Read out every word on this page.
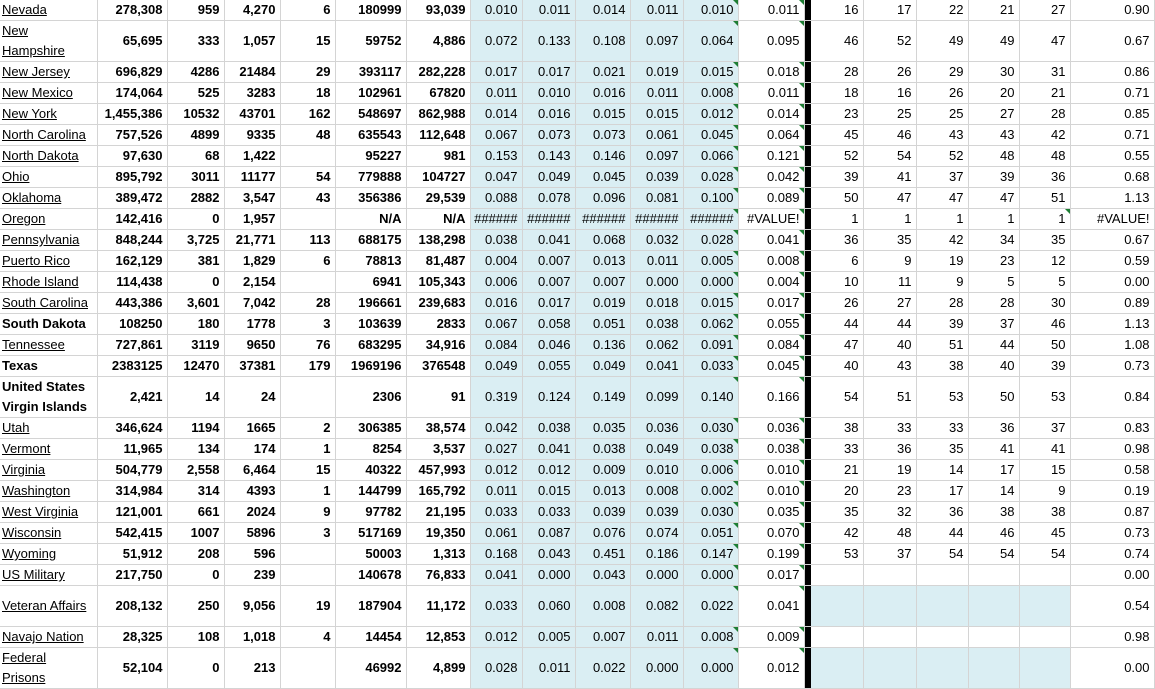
Nevada	278,308	959	4,270	6	180999	93,039	0.010	0.011	0.014	0.011	0.010	0.011		16	17	22	21	27	0.90
New Hampshire	65,695	333	1,057	15	59752	4,886	0.072	0.133	0.108	0.097	0.064	0.095		46	52	49	49	47	0.67
New Jersey	696,829	4286	21484	29	393117	282,228	0.017	0.017	0.021	0.019	0.015	0.018		28	26	29	30	31	0.86
New Mexico	174,064	525	3283	18	102961	67820	0.011	0.010	0.016	0.011	0.008	0.011		18	16	26	20	21	0.71
New York	1,455,386	10532	43701	162	548697	862,988	0.014	0.016	0.015	0.015	0.012	0.014		23	25	25	27	28	0.85
North Carolina	757,526	4899	9335	48	635543	112,648	0.067	0.073	0.073	0.061	0.045	0.064		45	46	43	43	42	0.71
North Dakota	97,630	68	1,422		95227	981	0.153	0.143	0.146	0.097	0.066	0.121		52	54	52	48	48	0.55
Ohio	895,792	3011	11177	54	779888	104727	0.047	0.049	0.045	0.039	0.028	0.042		39	41	37	39	36	0.68
Oklahoma	389,472	2882	3,547	43	356386	29,539	0.088	0.078	0.096	0.081	0.100	0.089		50	47	47	47	51	1.13
Oregon	142,416	0	1,957		N/A	N/A	######	######	######	######	######	#VALUE!		1	1	1	1	1	#VALUE!
Pennsylvania	848,244	3,725	21,771	113	688175	138,298	0.038	0.041	0.068	0.032	0.028	0.041		36	35	42	34	35	0.67
Puerto Rico	162,129	381	1,829	6	78813	81,487	0.004	0.007	0.013	0.011	0.005	0.008		6	9	19	23	12	0.59
Rhode Island	114,438	0	2,154		6941	105,343	0.006	0.007	0.007	0.000	0.000	0.004		10	11	9	5	5	0.00
South Carolina	443,386	3,601	7,042	28	196661	239,683	0.016	0.017	0.019	0.018	0.015	0.017		26	27	28	28	30	0.89
South Dakota	108250	180	1778	3	103639	2833	0.067	0.058	0.051	0.038	0.062	0.055		44	44	39	37	46	1.13
Tennessee	727,861	3119	9650	76	683295	34,916	0.084	0.046	0.136	0.062	0.091	0.084		47	40	51	44	50	1.08
Texas	2383125	12470	37381	179	1969196	376548	0.049	0.055	0.049	0.041	0.033	0.045		40	43	38	40	39	0.73
United States Virgin Islands	2,421	14	24		2306	91	0.319	0.124	0.149	0.099	0.140	0.166		54	51	53	50	53	0.84
Utah	346,624	1194	1665	2	306385	38,574	0.042	0.038	0.035	0.036	0.030	0.036		38	33	33	36	37	0.83
Vermont	11,965	134	174	1	8254	3,537	0.027	0.041	0.038	0.049	0.038	0.038		33	36	35	41	41	0.98
Virginia	504,779	2,558	6,464	15	40322	457,993	0.012	0.012	0.009	0.010	0.006	0.010		21	19	14	17	15	0.58
Washington	314,984	314	4393	1	144799	165,792	0.011	0.015	0.013	0.008	0.002	0.010		20	23	17	14	9	0.19
West Virginia	121,001	661	2024	9	97782	21,195	0.033	0.033	0.039	0.039	0.030	0.035		35	32	36	38	38	0.87
Wisconsin	542,415	1007	5896	3	517169	19,350	0.061	0.087	0.076	0.074	0.051	0.070		42	48	44	46	45	0.73
Wyoming	51,912	208	596		50003	1,313	0.168	0.043	0.451	0.186	0.147	0.199		53	37	54	54	54	0.74
US Military	217,750	0	239		140678	76,833	0.041	0.000	0.043	0.000	0.000	0.017							0.00
Veteran Affairs	208,132	250	9,056	19	187904	11,172	0.033	0.060	0.008	0.082	0.022	0.041							0.54
Navajo Nation	28,325	108	1,018	4	14454	12,853	0.012	0.005	0.007	0.011	0.008	0.009							0.98
Federal Prisons	52,104	0	213		46992	4,899	0.028	0.011	0.022	0.000	0.000	0.012							0.00
